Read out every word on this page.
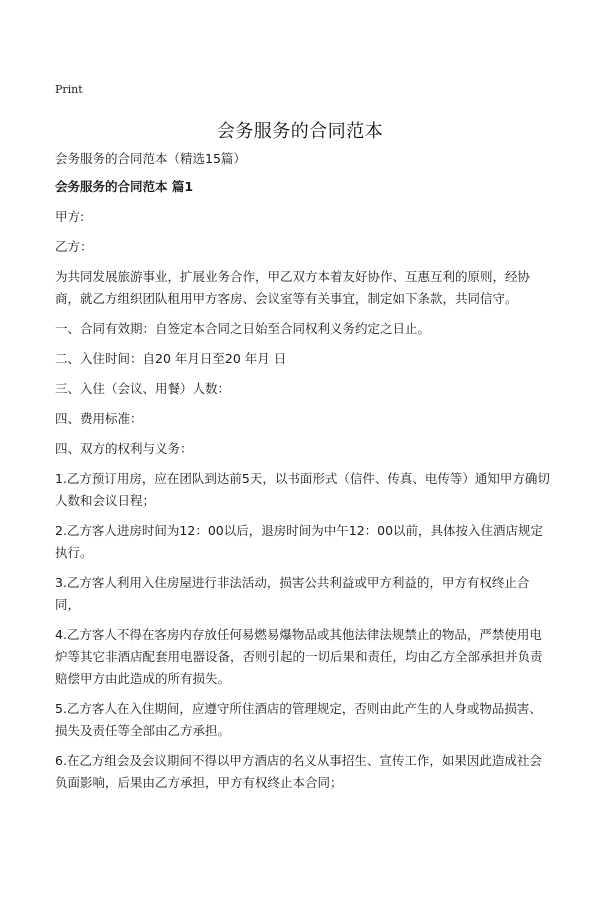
Print
会务服务的合同范本

会务服务的合同范本（精选15篇）

会务服务的合同范本 篇1

甲方:

乙方：

为共同发展旅游事业，扩展业务合作，甲乙双方本着友好协作、互惠互利的原则，经协商，就乙方组织团队租用甲方客房、会议室等有关事宜，制定如下条款，共同信守。

一、合同有效期：自签定本合同之日始至合同权利义务约定之日止。

二、入住时间：自20 年月日至20 年月 日

三、入住（会议、用餐）人数：

四、费用标准：

四、双方的权利与义务：

1.乙方预订用房，应在团队到达前5天，以书面形式（信件、传真、电传等）通知甲方确切人数和会议日程；

2.乙方客人进房时间为12：00以后，退房时间为中午12：00以前，具体按入住酒店规定执行。

3.乙方客人利用入住房屋进行非法活动，损害公共利益或甲方利益的，甲方有权终止合同，

4.乙方客人不得在客房内存放任何易燃易爆物品或其他法律法规禁止的物品，严禁使用电炉等其它非酒店配套用电器设备，否则引起的一切后果和责任，均由乙方全部承担并负责赔偿甲方由此造成的所有损失。

5.乙方客人在入住期间，应遵守所住酒店的管理规定，否则由此产生的人身或物品损害、损失及责任等全部由乙方承担。

6.在乙方组会及会议期间不得以甲方酒店的名义从事招生、宣传工作，如果因此造成社会负面影响，后果由乙方承担，甲方有权终止本合同；
